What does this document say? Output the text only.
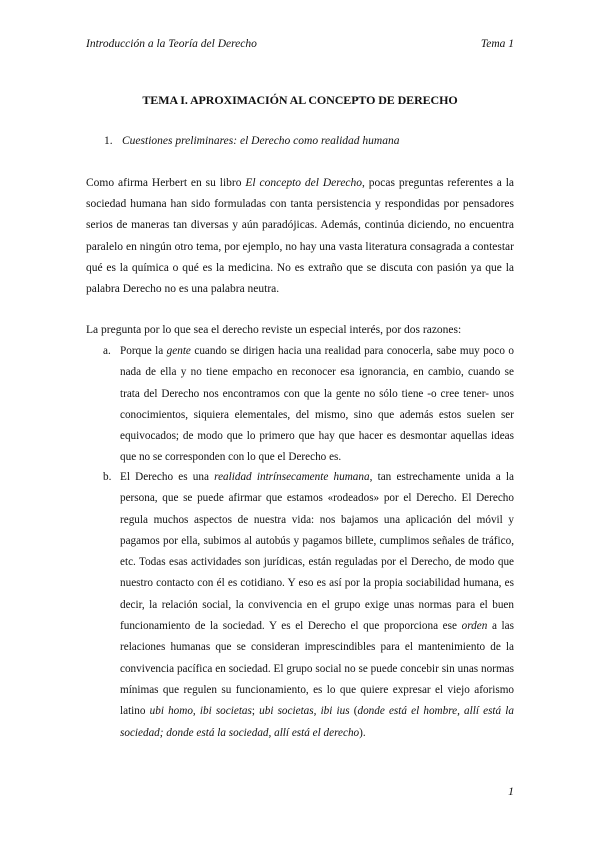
Introducción a la Teoría del Derecho	Tema 1
TEMA I. APROXIMACIÓN AL CONCEPTO DE DERECHO
1. Cuestiones preliminares: el Derecho como realidad humana

Como afirma Herbert en su libro El concepto del Derecho, pocas preguntas referentes a la sociedad humana han sido formuladas con tanta persistencia y respondidas por pensadores serios de maneras tan diversas y aún paradójicas. Además, continúa diciendo, no encuentra paralelo en ningún otro tema, por ejemplo, no hay una vasta literatura consagrada a contestar qué es la química o qué es la medicina. No es extraño que se discuta con pasión ya que la palabra Derecho no es una palabra neutra.

La pregunta por lo que sea el derecho reviste un especial interés, por dos razones:

a. Porque la gente cuando se dirigen hacia una realidad para conocerla, sabe muy poco o nada de ella y no tiene empacho en reconocer esa ignorancia, en cambio, cuando se trata del Derecho nos encontramos con que la gente no sólo tiene -o cree tener- unos conocimientos, siquiera elementales, del mismo, sino que además estos suelen ser equivocados; de modo que lo primero que hay que hacer es desmontar aquellas ideas que no se corresponden con lo que el Derecho es.
b. El Derecho es una realidad intrínsecamente humana, tan estrechamente unida a la persona, que se puede afirmar que estamos «rodeados» por el Derecho. El Derecho regula muchos aspectos de nuestra vida: nos bajamos una aplicación del móvil y pagamos por ella, subimos al autobús y pagamos billete, cumplimos señales de tráfico, etc. Todas esas actividades son jurídicas, están reguladas por el Derecho, de modo que nuestro contacto con él es cotidiano. Y eso es así por la propia sociabilidad humana, es decir, la relación social, la convivencia en el grupo exige unas normas para el buen funcionamiento de la sociedad. Y es el Derecho el que proporciona ese orden a las relaciones humanas que se consideran imprescindibles para el mantenimiento de la convivencia pacífica en sociedad. El grupo social no se puede concebir sin unas normas mínimas que regulen su funcionamiento, es lo que quiere expresar el viejo aforismo latino ubi homo, ibi societas; ubi societas, ibi ius (donde está el hombre, allí está la sociedad; donde está la sociedad, allí está el derecho).
1
